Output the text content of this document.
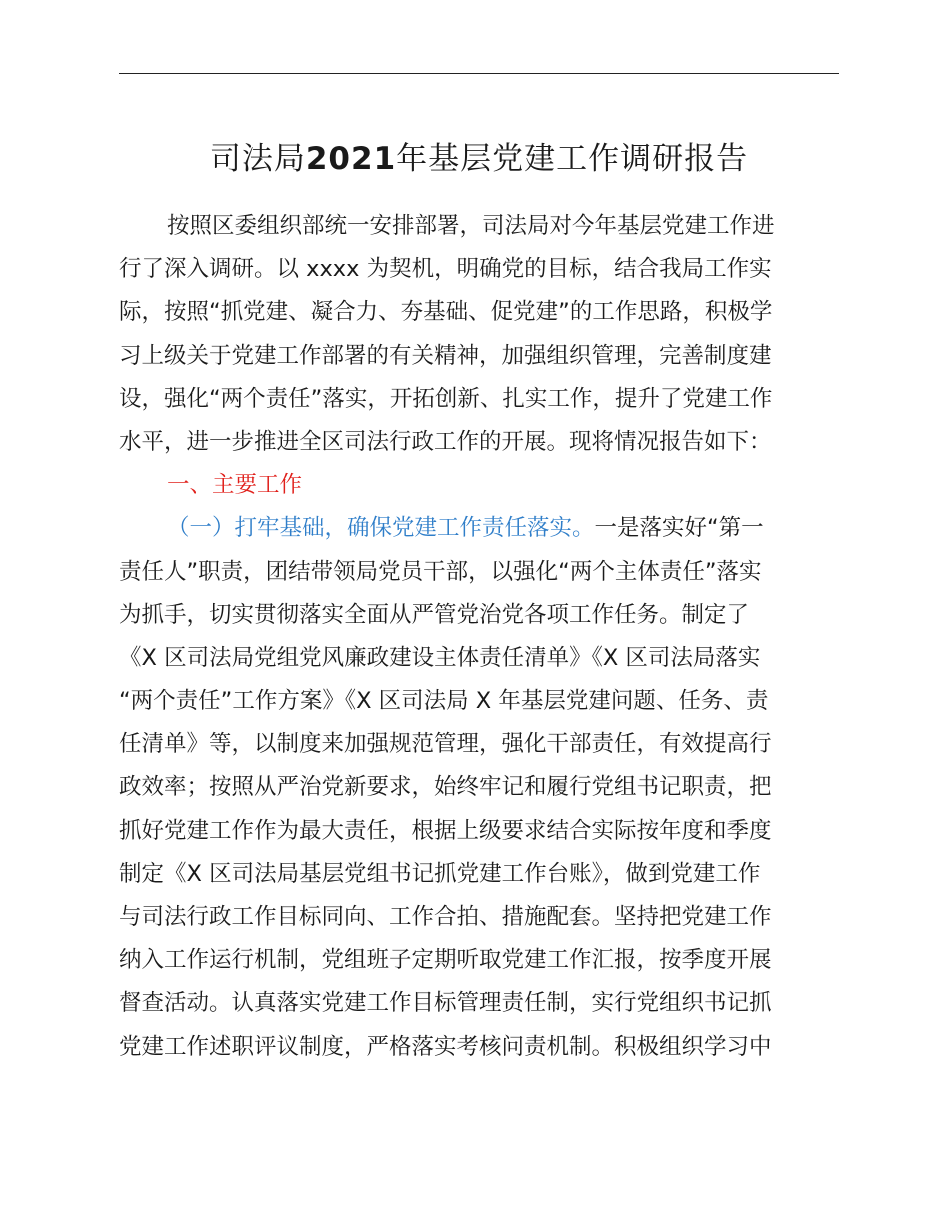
司法局2021年基层党建工作调研报告
按照区委组织部统一安排部署，司法局对今年基层党建工作进
行了深入调研。以 xxxx 为契机，明确党的目标，结合我局工作实
际，按照“抓党建、凝合力、夯基础、促党建”的工作思路，积极学
习上级关于党建工作部署的有关精神，加强组织管理，完善制度建
设，强化“两个责任”落实，开拓创新、扎实工作，提升了党建工作
水平，进一步推进全区司法行政工作的开展。现将情况报告如下：
一、主要工作
（一）打牢基础，确保党建工作责任落实。一是落实好“第一
责任人”职责，团结带领局党员干部，以强化“两个主体责任”落实
为抓手，切实贯彻落实全面从严管党治党各项工作任务。制定了
《X 区司法局党组党风廉政建设主体责任清单》《X 区司法局落实
“两个责任”工作方案》《X 区司法局 X 年基层党建问题、任务、责
任清单》等，以制度来加强规范管理，强化干部责任，有效提高行
政效率；按照从严治党新要求，始终牢记和履行党组书记职责，把
抓好党建工作作为最大责任，根据上级要求结合实际按年度和季度
制定《X 区司法局基层党组书记抓党建工作台账》，做到党建工作
与司法行政工作目标同向、工作合拍、措施配套。坚持把党建工作
纳入工作运行机制，党组班子定期听取党建工作汇报，按季度开展
督查活动。认真落实党建工作目标管理责任制，实行党组织书记抓
党建工作述职评议制度，严格落实考核问责机制。积极组织学习中
